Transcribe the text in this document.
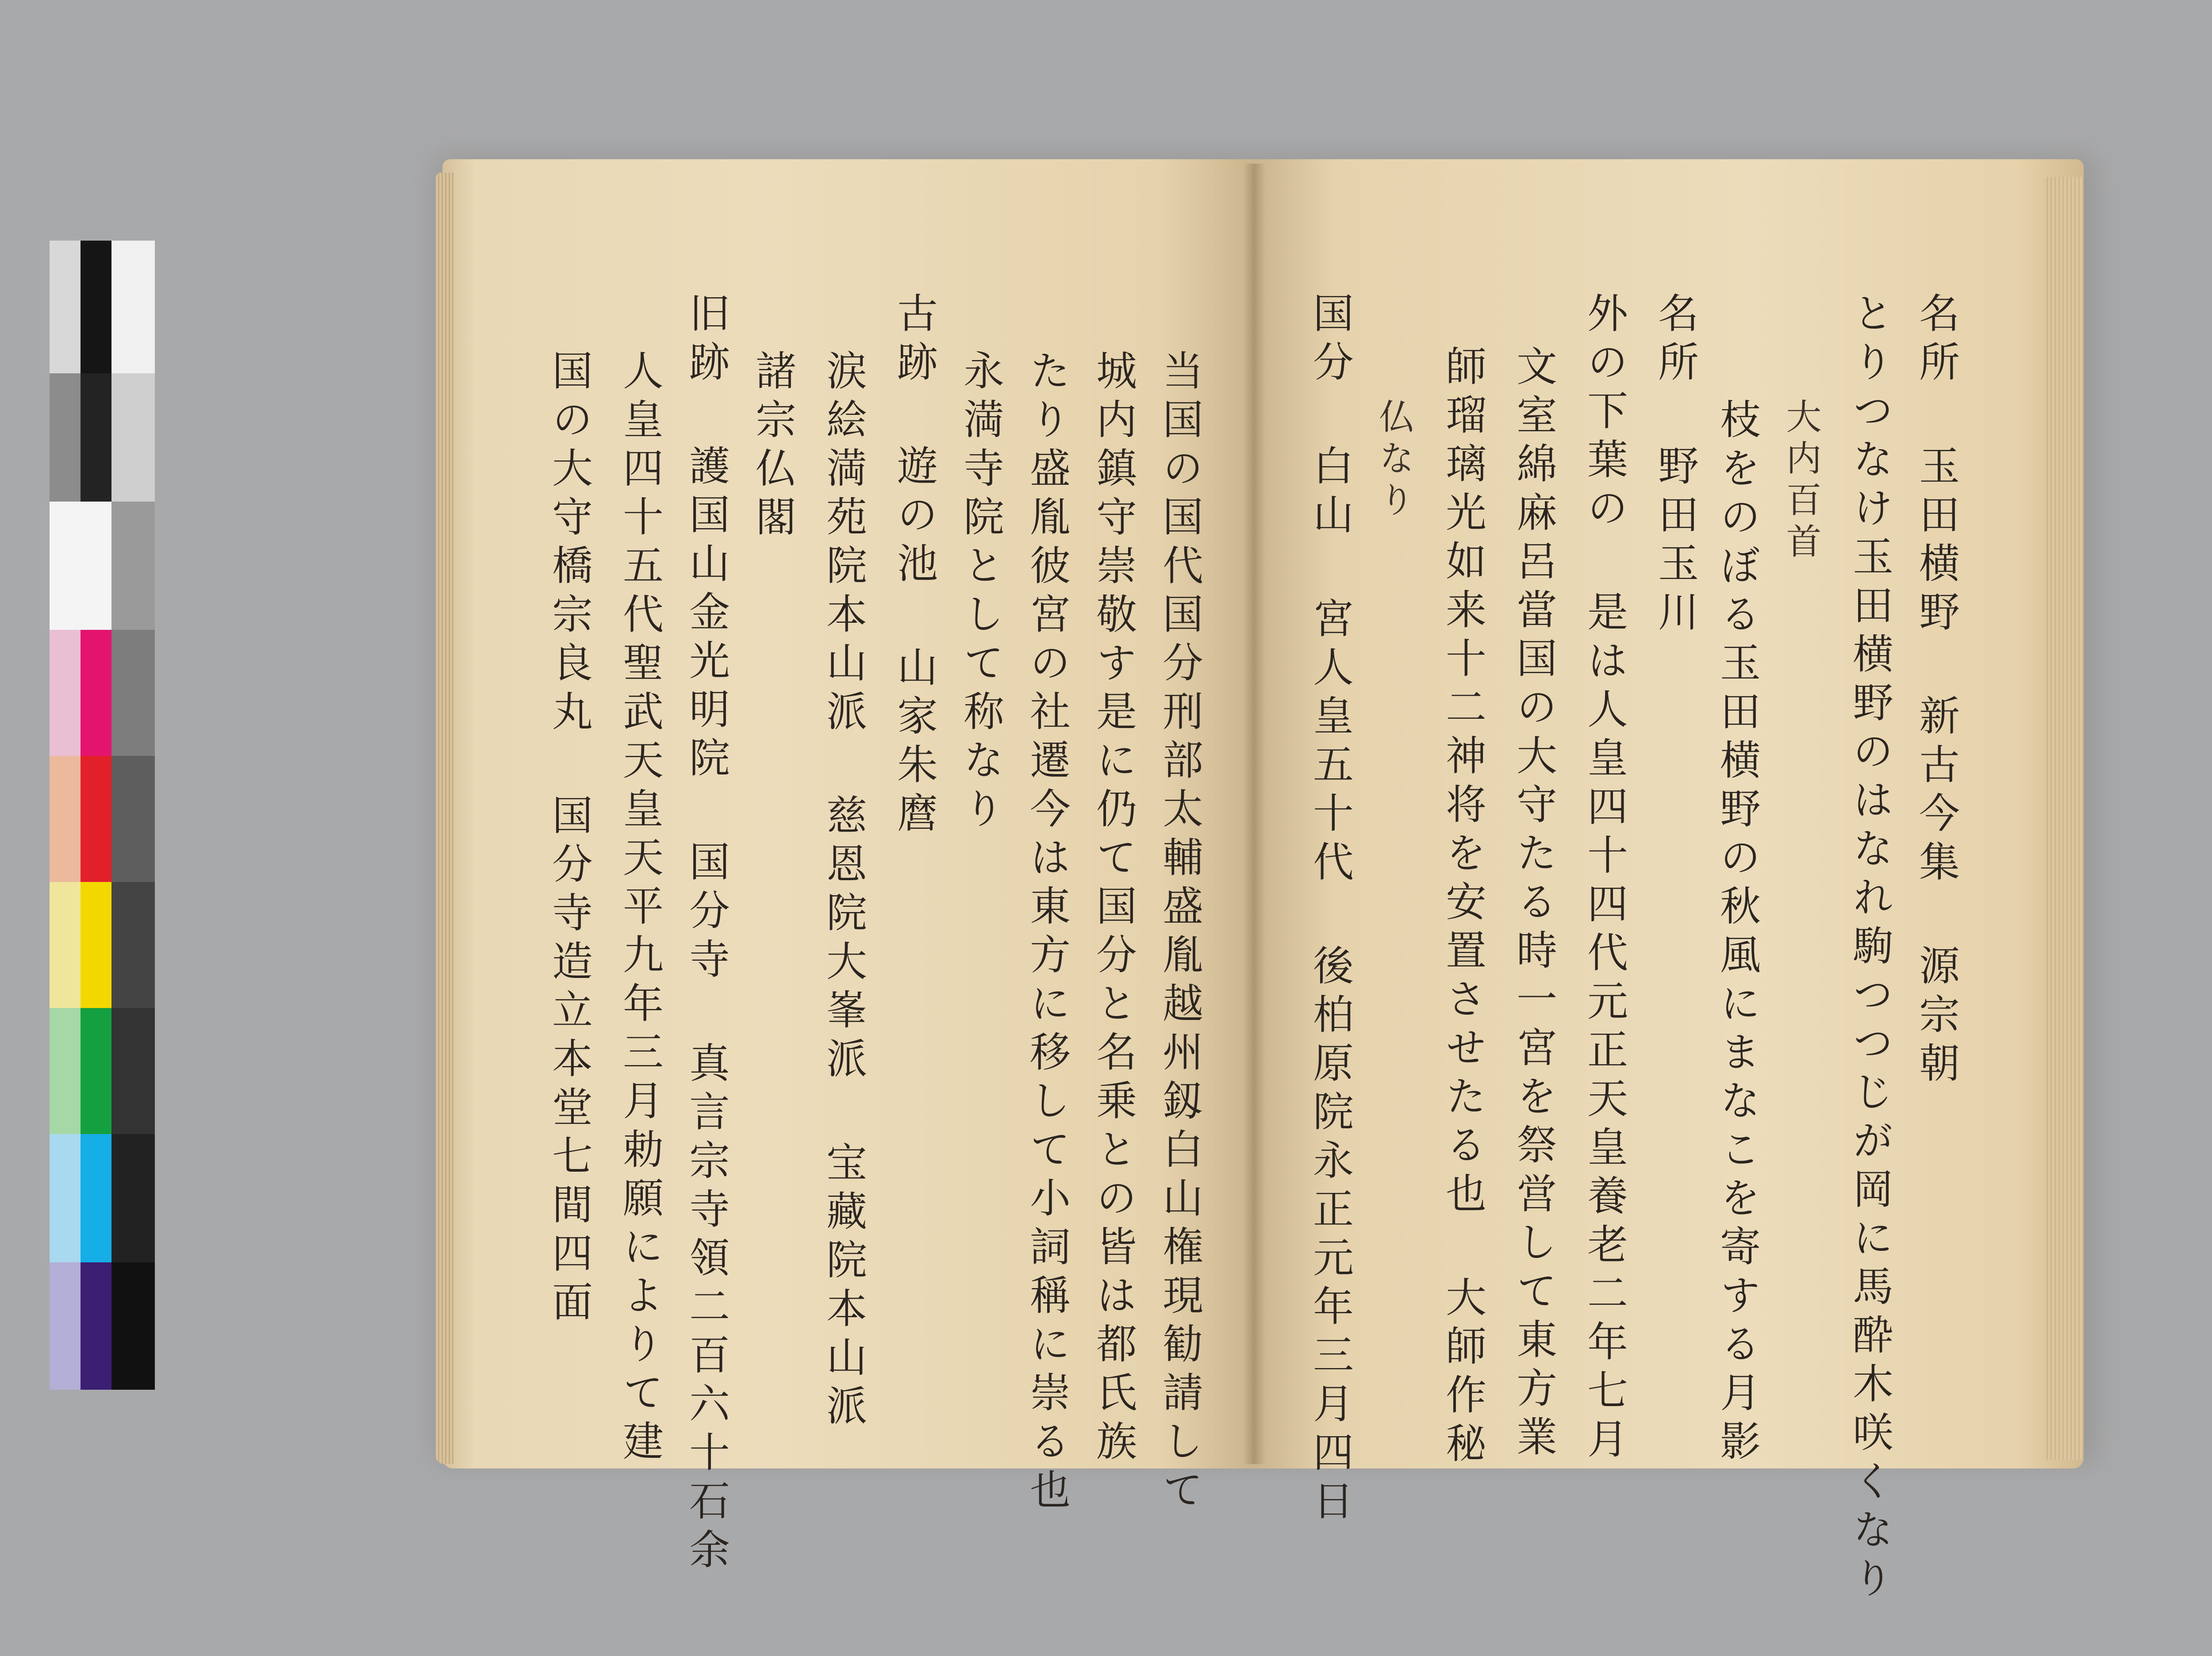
名所 玉田横野 新古今集 源宗朝
とりつなけ玉田横野のはなれ駒つつじが岡に馬酔木咲くなり
大内百首
枝をのぼる玉田横野の秋風にまなこを寄する月影
名所 野田玉川
外の下葉の 是は人皇四十四代元正天皇養老二年七月
文室綿麻呂當国の大守たる時一宮を祭営して東方業
師瑠璃光如来十二神将を安置させたる也 大師作秘
仏なり
国分 白山 宮人皇五十代 後柏原院永正元年三月四日
当国の国代国分刑部太輔盛胤越州釼白山権現勧請して
城内鎮守崇敬す是に仍て国分と名乗との皆は都氏族
たり盛胤彼宮の社遷今は東方に移して小詞稱に崇る也
永満寺院として称なり
古跡 遊の池 山家朱麿
涙絵満苑院本山派 慈恩院大峯派 宝藏院本山派
諸宗仏閣
旧跡 護国山金光明院 国分寺 真言宗寺領二百六十石余
人皇四十五代聖武天皇天平九年三月勅願によりて建
国の大守橋宗良丸 国分寺造立本堂七間四面
